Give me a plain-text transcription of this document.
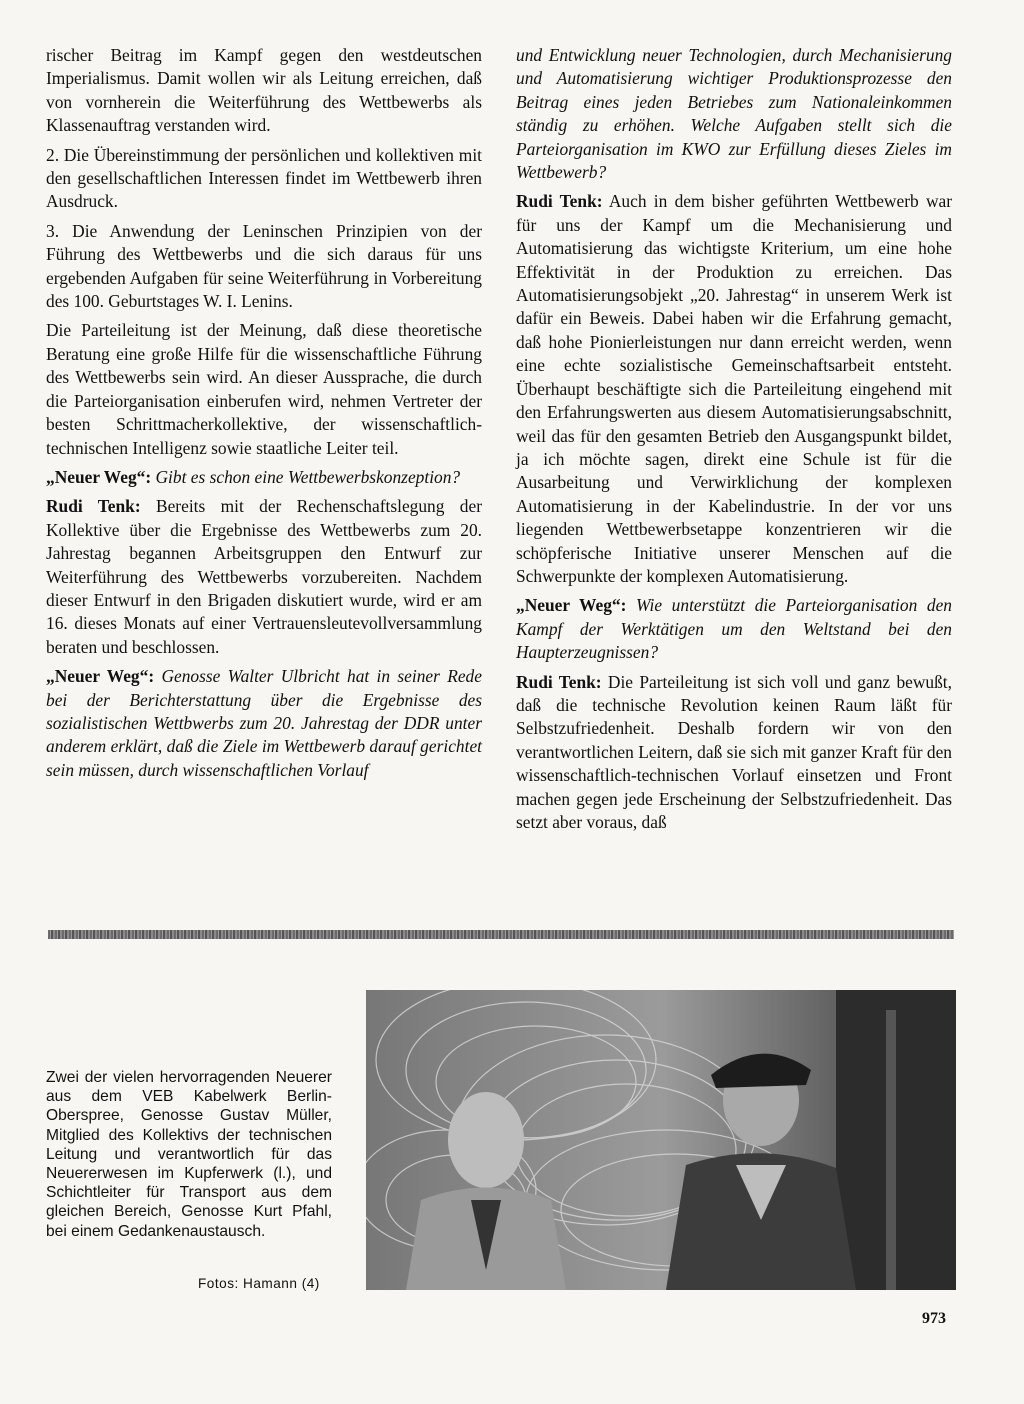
rischer Beitrag im Kampf gegen den westdeutschen Imperialismus. Damit wollen wir als Leitung erreichen, daß von vornherein die Weiterführung des Wettbewerbs als Klassenauftrag verstanden wird.

2. Die Übereinstimmung der persönlichen und kollektiven mit den gesellschaftlichen Interessen findet im Wettbewerb ihren Ausdruck.

3. Die Anwendung der Leninschen Prinzipien von der Führung des Wettbewerbs und die sich daraus für uns ergebenden Aufgaben für seine Weiterführung in Vorbereitung des 100. Geburtstages W. I. Lenins.

Die Parteileitung ist der Meinung, daß diese theoretische Beratung eine große Hilfe für die wissenschaftliche Führung des Wettbewerbs sein wird. An dieser Aussprache, die durch die Parteiorganisation einberufen wird, nehmen Vertreter der besten Schrittmacherkollektive, der wissenschaftlich-technischen Intelligenz sowie staatliche Leiter teil.

„Neuer Weg“: Gibt es schon eine Wettbewerbskonzeption?

Rudi Tenk: Bereits mit der Rechenschaftslegung der Kollektive über die Ergebnisse des Wettbewerbs zum 20. Jahrestag begannen Arbeitsgruppen den Entwurf zur Weiterführung des Wettbewerbs vorzubereiten. Nachdem dieser Entwurf in den Brigaden diskutiert wurde, wird er am 16. dieses Monats auf einer Vertrauensleutevollversammlung beraten und beschlossen.

„Neuer Weg“: Genosse Walter Ulbricht hat in seiner Rede bei der Berichterstattung über die Ergebnisse des sozialistischen Wettbwerbs zum 20. Jahrestag der DDR unter anderem erklärt, daß die Ziele im Wettbewerb darauf gerichtet sein müssen, durch wissenschaftlichen Vorlauf

und Entwicklung neuer Technologien, durch Mechanisierung und Automatisierung wichtiger Produktionsprozesse den Beitrag eines jeden Betriebes zum Nationaleinkommen ständig zu erhöhen. Welche Aufgaben stellt sich die Parteiorganisation im KWO zur Erfüllung dieses Zieles im Wettbewerb?

Rudi Tenk: Auch in dem bisher geführten Wettbewerb war für uns der Kampf um die Mechanisierung und Automatisierung das wichtigste Kriterium, um eine hohe Effektivität in der Produktion zu erreichen. Das Automatisierungsobjekt „20. Jahrestag“ in unserem Werk ist dafür ein Beweis. Dabei haben wir die Erfahrung gemacht, daß hohe Pionierleistungen nur dann erreicht werden, wenn eine echte sozialistische Gemeinschaftsarbeit entsteht. Überhaupt beschäftigte sich die Parteileitung eingehend mit den Erfahrungswerten aus diesem Automatisierungsabschnitt, weil das für den gesamten Betrieb den Ausgangspunkt bildet, ja ich möchte sagen, direkt eine Schule ist für die Ausarbeitung und Verwirklichung der komplexen Automatisierung in der Kabelindustrie. In der vor uns liegenden Wettbewerbsetappe konzentrieren wir die schöpferische Initiative unserer Menschen auf die Schwerpunkte der komplexen Automatisierung.

„Neuer Weg“: Wie unterstützt die Parteiorganisation den Kampf der Werktätigen um den Weltstand bei den Haupterzeugnissen?

Rudi Tenk: Die Parteileitung ist sich voll und ganz bewußt, daß die technische Revolution keinen Raum läßt für Selbstzufriedenheit. Deshalb fordern wir von den verantwortlichen Leitern, daß sie sich mit ganzer Kraft für den wissenschaftlich-technischen Vorlauf einsetzen und Front machen gegen jede Erscheinung der Selbstzufriedenheit. Das setzt aber voraus, daß

Zwei der vielen hervorragenden Neuerer aus dem VEB Kabelwerk Berlin-Oberspree, Genosse Gustav Müller, Mitglied des Kollektivs der technischen Leitung und verantwortlich für das Neuererwesen im Kupferwerk (l.), und Schichtleiter für Transport aus dem gleichen Bereich, Genosse Kurt Pfahl, bei einem Gedankenaustausch.
Fotos: Hamann (4)
973
